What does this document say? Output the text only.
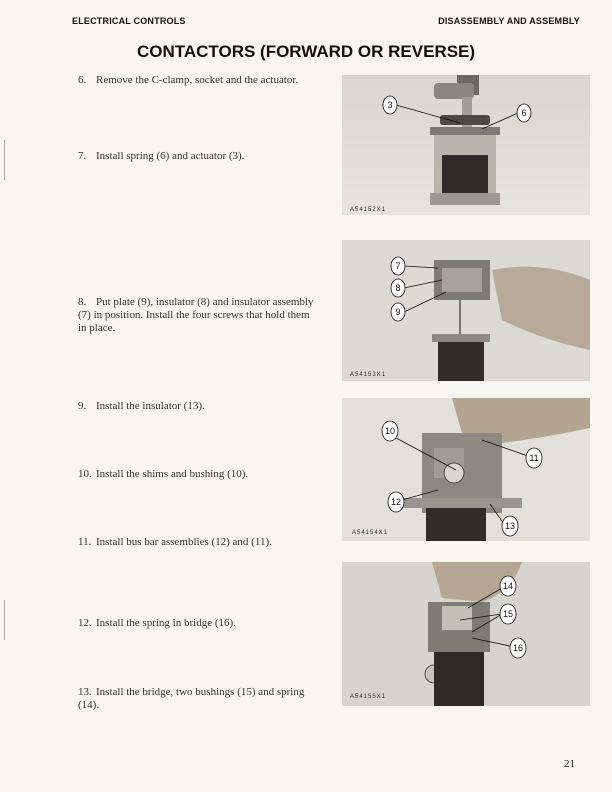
ELECTRICAL CONTROLS	DISASSEMBLY AND ASSEMBLY
CONTACTORS (FORWARD OR REVERSE)
6. Remove the C-clamp, socket and the actuator.
7. Install spring (6) and actuator (3).
8. Put plate (9), insulator (8) and insulator assembly (7) in position. Install the four screws that hold them in place.
9. Install the insulator (13).
10. Install the shims and bushing (10).
11. Install bus bar assemblies (12) and (11).
12. Install the spring in bridge (16).
13. Install the bridge, two bushings (15) and spring (14).
3
6
A54152X1
7
8
9
A54153X1
10
11
12
13
A54154X1
14
15
16
A54155X1
21
